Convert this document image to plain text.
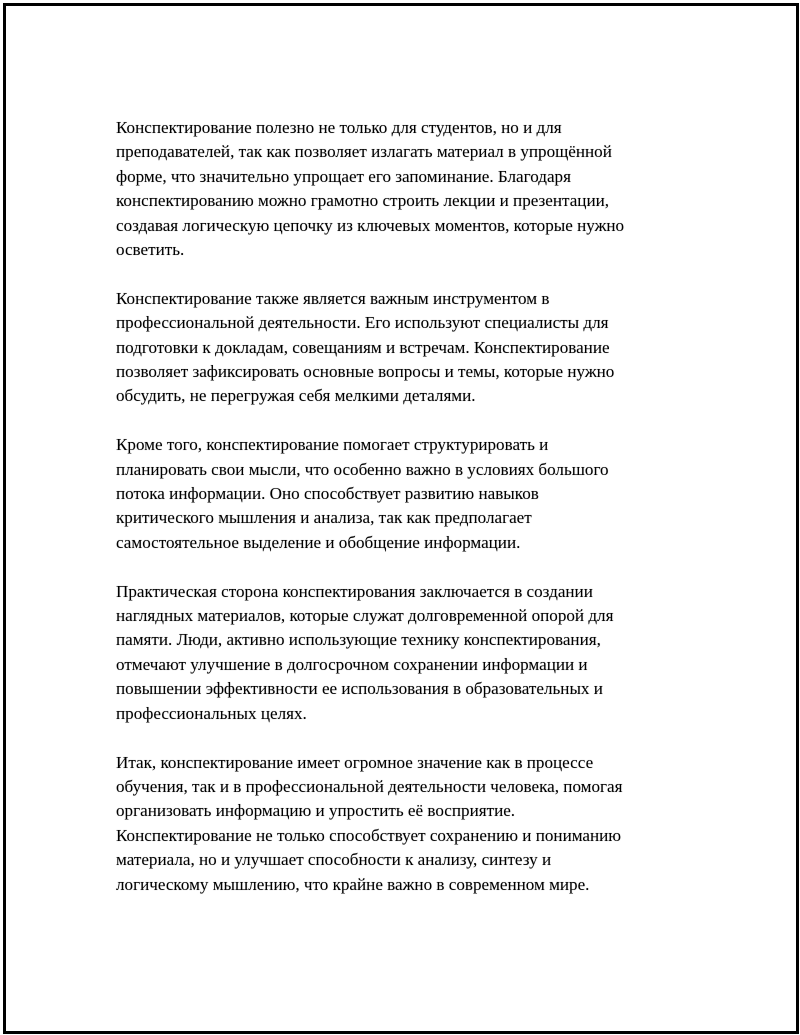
Конспектирование полезно не только для студентов, но и для
преподавателей, так как позволяет излагать материал в упрощённой
форме, что значительно упрощает его запоминание. Благодаря
конспектированию можно грамотно строить лекции и презентации,
создавая логическую цепочку из ключевых моментов, которые нужно
осветить.
Конспектирование также является важным инструментом в
профессиональной деятельности. Его используют специалисты для
подготовки к докладам, совещаниям и встречам. Конспектирование
позволяет зафиксировать основные вопросы и темы, которые нужно
обсудить, не перегружая себя мелкими деталями.
Кроме того, конспектирование помогает структурировать и
планировать свои мысли, что особенно важно в условиях большого
потока информации. Оно способствует развитию навыков
критического мышления и анализа, так как предполагает
самостоятельное выделение и обобщение информации.
Практическая сторона конспектирования заключается в создании
наглядных материалов, которые служат долговременной опорой для
памяти. Люди, активно использующие технику конспектирования,
отмечают улучшение в долгосрочном сохранении информации и
повышении эффективности ее использования в образовательных и
профессиональных целях.
Итак, конспектирование имеет огромное значение как в процессе
обучения, так и в профессиональной деятельности человека, помогая
организовать информацию и упростить её восприятие.
Конспектирование не только способствует сохранению и пониманию
материала, но и улучшает способности к анализу, синтезу и
логическому мышлению, что крайне важно в современном мире.
